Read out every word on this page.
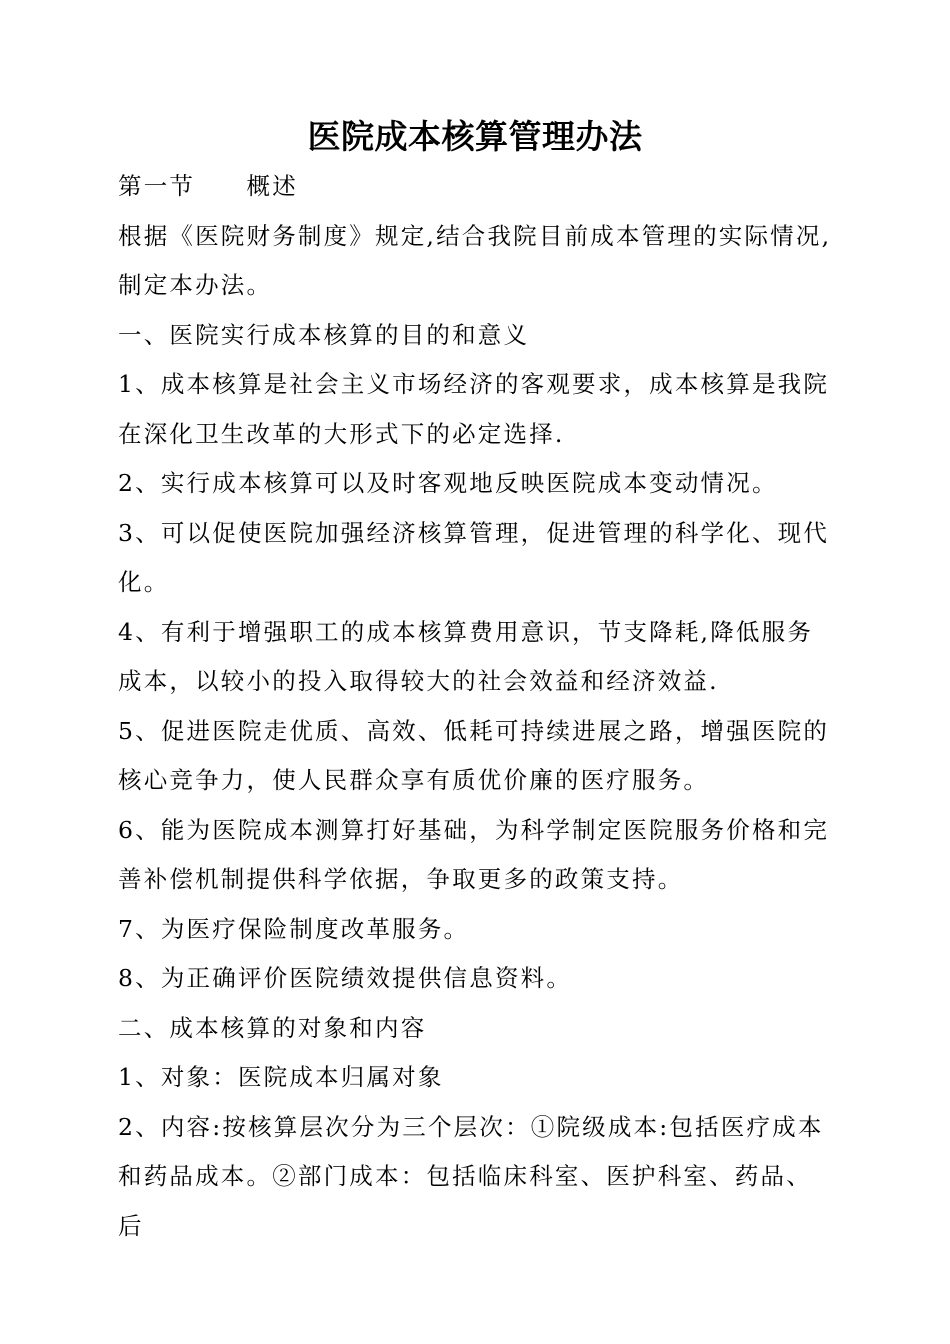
医院成本核算管理办法

第一节　　概述

根据《医院财务制度》规定,结合我院目前成本管理的实际情况,制定本办法。

一、医院实行成本核算的目的和意义

1、成本核算是社会主义市场经济的客观要求，成本核算是我院在深化卫生改革的大形式下的必定选择.

2、实行成本核算可以及时客观地反映医院成本变动情况。

3、可以促使医院加强经济核算管理，促进管理的科学化、现代化。

4、有利于增强职工的成本核算费用意识，节支降耗,降低服务成本，以较小的投入取得较大的社会效益和经济效益.

5、促进医院走优质、高效、低耗可持续进展之路，增强医院的核心竞争力，使人民群众享有质优价廉的医疗服务。

6、能为医院成本测算打好基础，为科学制定医院服务价格和完善补偿机制提供科学依据，争取更多的政策支持。

7、为医疗保险制度改革服务。

8、为正确评价医院绩效提供信息资料。

二、成本核算的对象和内容

1、对象：医院成本归属对象

2、内容:按核算层次分为三个层次：①院级成本:包括医疗成本和药品成本。②部门成本：包括临床科室、医护科室、药品、后
